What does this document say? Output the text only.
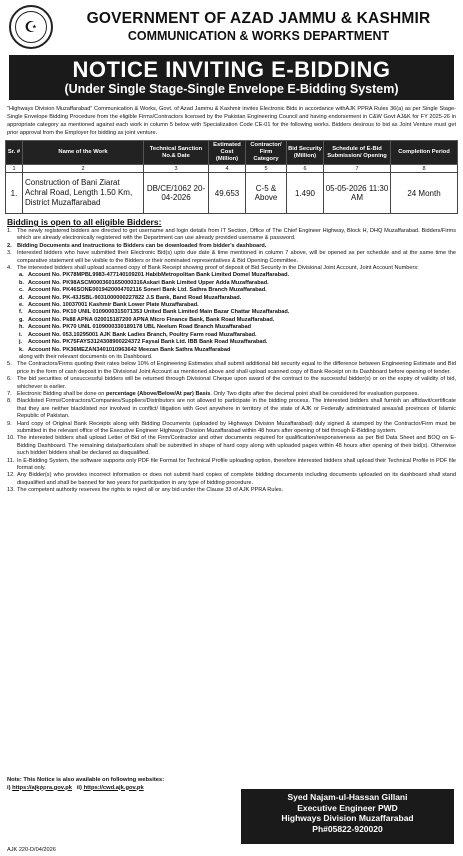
☪
GOVERNMENT OF AZAD JAMMU & KASHMIR
COMMUNICATION & WORKS DEPARTMENT
NOTICE INVITING E-BIDDING
(Under Single Stage-Single Envelope E-Bidding System)
"Highways Division Muzaffarabad" Communication & Works, Govt. of Azad Jammu & Kashmir invites Electronic Bids in accordance withAJK PPRA Rules 36(a) as per Single Stage-Single Envelope Bidding Procedure from the eligible Firms/Contractors licensed by the Pakistan Engineering Council and having endorsement in C&W Govt AJ&K for FY 2025-26 in appropriate category as mentioned against each work in column 5 below with Specialization Code CE-01 for the following works. Bidders desirous to bid as Joint Venture must get prior approval from the Employer for bidding as joint venture.
Sr. #	Name of the Work	Technical Sanction No.& Date	Estimated Cost (Million)	Contractor/ Firm Category	Bid Security (Million)	Schedule of E-Bid Submission/ Opening	Completion Period
1	2	3	4	5	6	7	8
1.	Construction of Bani Ziarat Achral Road, Length 1.50 Km, District Muzaffarabad	DB/CE/1062 20-04-2026	49.653	C-5 & Above	1.490	05-05-2026 11:30 AM	24 Month
Bidding is open to all eligible Bidders:
1. The newly registered bidders are directed to get username and login details from IT Section, Office of The Chief Engineer Highway, Block H, DHQ Muzaffarabad. Bidders/Firms which are already electronically registered with the Department can use already provided username & password.
2. Bidding Documents and instructions to Bidders can be downloaded from bidder's dashboard.
3. Interested bidders who have submitted their Electronic Bid(s) upto due date & time mentioned in column 7 above, will be opened as per schedule and at the same time the comparative statement will be visible to the Bidders or their nominated representatives & Bid Opening Committee.
4. The interested bidders shall upload scanned copy of Bank Receipt showing proof of deposit of Bid Security in the Divisional Joint Account, Joint Account Numbers:
a. Account No. PK78MPBL9983-477140109201 HabibMetropolitan Bank Limited Domel Muzaffarabad.
b. Account No. PK98ASCM0003601650000316Askari Bank Limited Upper Adda Muzaffarabad.
c. Account No. PK46SONE0019420004702116 Soneri Bank Ltd. Sathra Branch Muzaffarabad.
d. Account No. PK-43JSBL-9031000000227822 J.S Bank, Band Road Muzaffarabad.
e. Account No. 10037001 Kashmir Bank Lower Plate Muzaffarabad.
f. Account No. PK10 UNIL 0109000315071353 United Bank Limited Main Bazar Chattar Muzaffarabad.
g. Account No. Pk88 APNA 020015187200 APNA Micro Finance Bank, Bank Road Muzaffarabad.
h. Account No. PK70 UNIL 0109000330189178 UBL Neelum Road Branch Muzaffarabad
i.	Account No. 053.10295001 AJK Bank Ladies Branch, Poultry Farm road Muzaffarabad.
j.	Account No. PK75FAYS3124308900224372 Faysal Bank Ltd. IBB Bank Road Muzaffarabad.
k. Account No. PK36MEZAN3401010963642 Meezan Bank Sathra Muzaffarabad
along with their relevant documents on its Dashboard.
5. The Contractors/Firms quoting their rates below 10% of Engineering Estimates shall submit additional bid security equal to the difference between Engineering Estimate and Bid price in the form of cash deposit in the Divisional Joint Account as mentioned above and shall upload scanned copy of Bank Receipt on its Dashboard before opening of tender.
6. The bid securities of unsuccessful bidders will be returned through Divisional Cheque upon award of the contract to the successful bidder(s) or on the expiry of validity of bid, whichever is earlier.
7. Electronic Bidding shall be done on percentage (Above/Below/At par) Basis. Only Two digits after the decimal point shall be considered for evaluation purposes.
8. Blacklisted Firms/Contractors/Companies/Suppliers/Distributors are not allowed to participate in the bidding process. The interested bidders shall furnish an affidavit/certificate that they are neither blacklisted nor involved in conflict/ litigation with Govt anywhere in territory of the state of AJK or Federally administrated areas/all provinces of Islamic Republic of Pakistan.
9. Hard copy of Original Bank Receipts along with Bidding Documents (uploaded by Highways Division Muzaffarabad) duly signed & stamped by the Contractor/Firm must be submitted in the relevant office of the Executive Engineer Highways Division Muzaffarabad within 48 hours after opening of bid through E-Bidding system.
10. The interested bidders shall upload Letter of Bid of the Firm/Contractor and other documents required for qualification/responsiveness as per Bid Data Sheet and BOQ on E-Bidding Dashboard. The remaining data/particulars shall be submitted in shape of hard copy along with uploaded pages within 48 hours after opening of their bid(s). Otherwise such bidder/ bidders shall be declared as disqualified.
11. In E-Bidding System, the software supports only PDF file Format for Technical Profile uploading option, therefore interested bidders shall upload their Technical Profile in PDF file format only.
12. Any Bidder(s) who provides incorrect information or does not submit hard copies of complete bidding documents including documents uploaded on its dashboard shall stand disqualified and shall be banned for two years for participation in any type of bidding procedure.
13. The competent authority reserves the rights to reject all or any bid under the Clause 33 of AJK PPRA Rules.
Note: This Notice is also available on following websites:
i) https://ajkppra.gov.pk ii) https://cwd.ajk.gov.pk
Syed Najam-ul-Hassan Gillani
Executive Engineer PWD
Highways Division Muzaffarabad
Ph#05822-920020
AJK 220-D/04/2026
